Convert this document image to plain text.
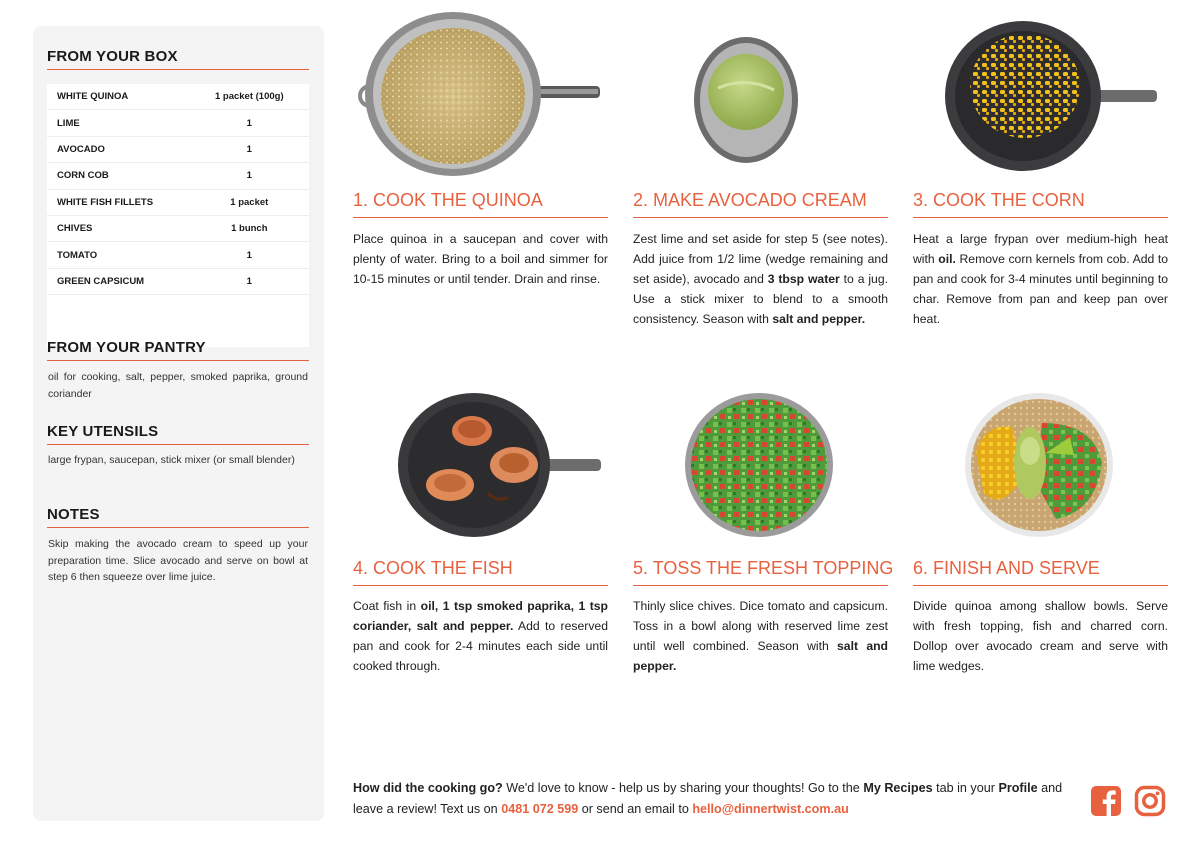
FROM YOUR BOX
WHITE QUINOA	1 packet (100g)
LIME	1
AVOCADO	1
CORN COB	1
WHITE FISH FILLETS	1 packet
CHIVES	1 bunch
TOMATO	1
GREEN CAPSICUM	1
FROM YOUR PANTRY
oil for cooking, salt, pepper, smoked paprika, ground coriander
KEY UTENSILS
large frypan, saucepan, stick mixer (or small blender)
NOTES
Skip making the avocado cream to speed up your preparation time. Slice avocado and serve on bowl at step 6 then squeeze over lime juice.
1. COOK THE QUINOA
Place quinoa in a saucepan and cover with plenty of water. Bring to a boil and simmer for 10-15 minutes or until tender. Drain and rinse.
2. MAKE AVOCADO CREAM
Zest lime and set aside for step 5 (see notes). Add juice from 1/2 lime (wedge remaining and set aside), avocado and 3 tbsp water to a jug. Use a stick mixer to blend to a smooth consistency. Season with salt and pepper.
3. COOK THE CORN
Heat a large frypan over medium-high heat with oil. Remove corn kernels from cob. Add to pan and cook for 3-4 minutes until beginning to char. Remove from pan and keep pan over heat.
4. COOK THE FISH
Coat fish in oil, 1 tsp smoked paprika, 1 tsp coriander, salt and pepper. Add to reserved pan and cook for 2-4 minutes each side until cooked through.
5. TOSS THE FRESH TOPPING
Thinly slice chives. Dice tomato and capsicum. Toss in a bowl along with reserved lime zest until well combined. Season with salt and pepper.
6. FINISH AND SERVE
Divide quinoa among shallow bowls. Serve with fresh topping, fish and charred corn. Dollop over avocado cream and serve with lime wedges.
How did the cooking go? We'd love to know - help us by sharing your thoughts! Go to the My Recipes tab in your Profile and leave a review! Text us on 0481 072 599 or send an email to hello@dinnertwist.com.au
